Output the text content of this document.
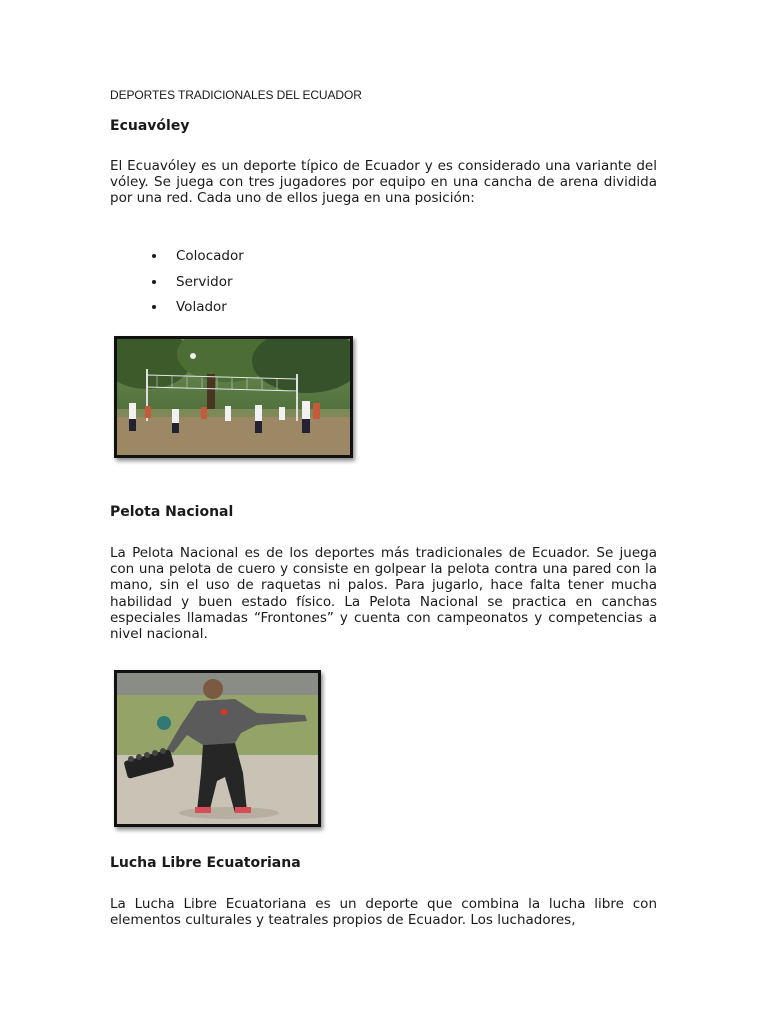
DEPORTES TRADICIONALES DEL ECUADOR
Ecuavóley

El Ecuavóley es un deporte típico de Ecuador y es considerado una variante del vóley. Se juega con tres jugadores por equipo en una cancha de arena dividida por una red. Cada uno de ellos juega en una posición:

Colocador
Servidor
Volador
Pelota Nacional

La Pelota Nacional es de los deportes más tradicionales de Ecuador. Se juega con una pelota de cuero y consiste en golpear la pelota contra una pared con la mano, sin el uso de raquetas ni palos. Para jugarlo, hace falta tener mucha habilidad y buen estado físico. La Pelota Nacional se practica en canchas especiales llamadas “Frontones” y cuenta con campeonatos y competencias a nivel nacional.

Lucha Libre Ecuatoriana

La Lucha Libre Ecuatoriana es un deporte que combina la lucha libre con elementos culturales y teatrales propios de Ecuador. Los luchadores,
